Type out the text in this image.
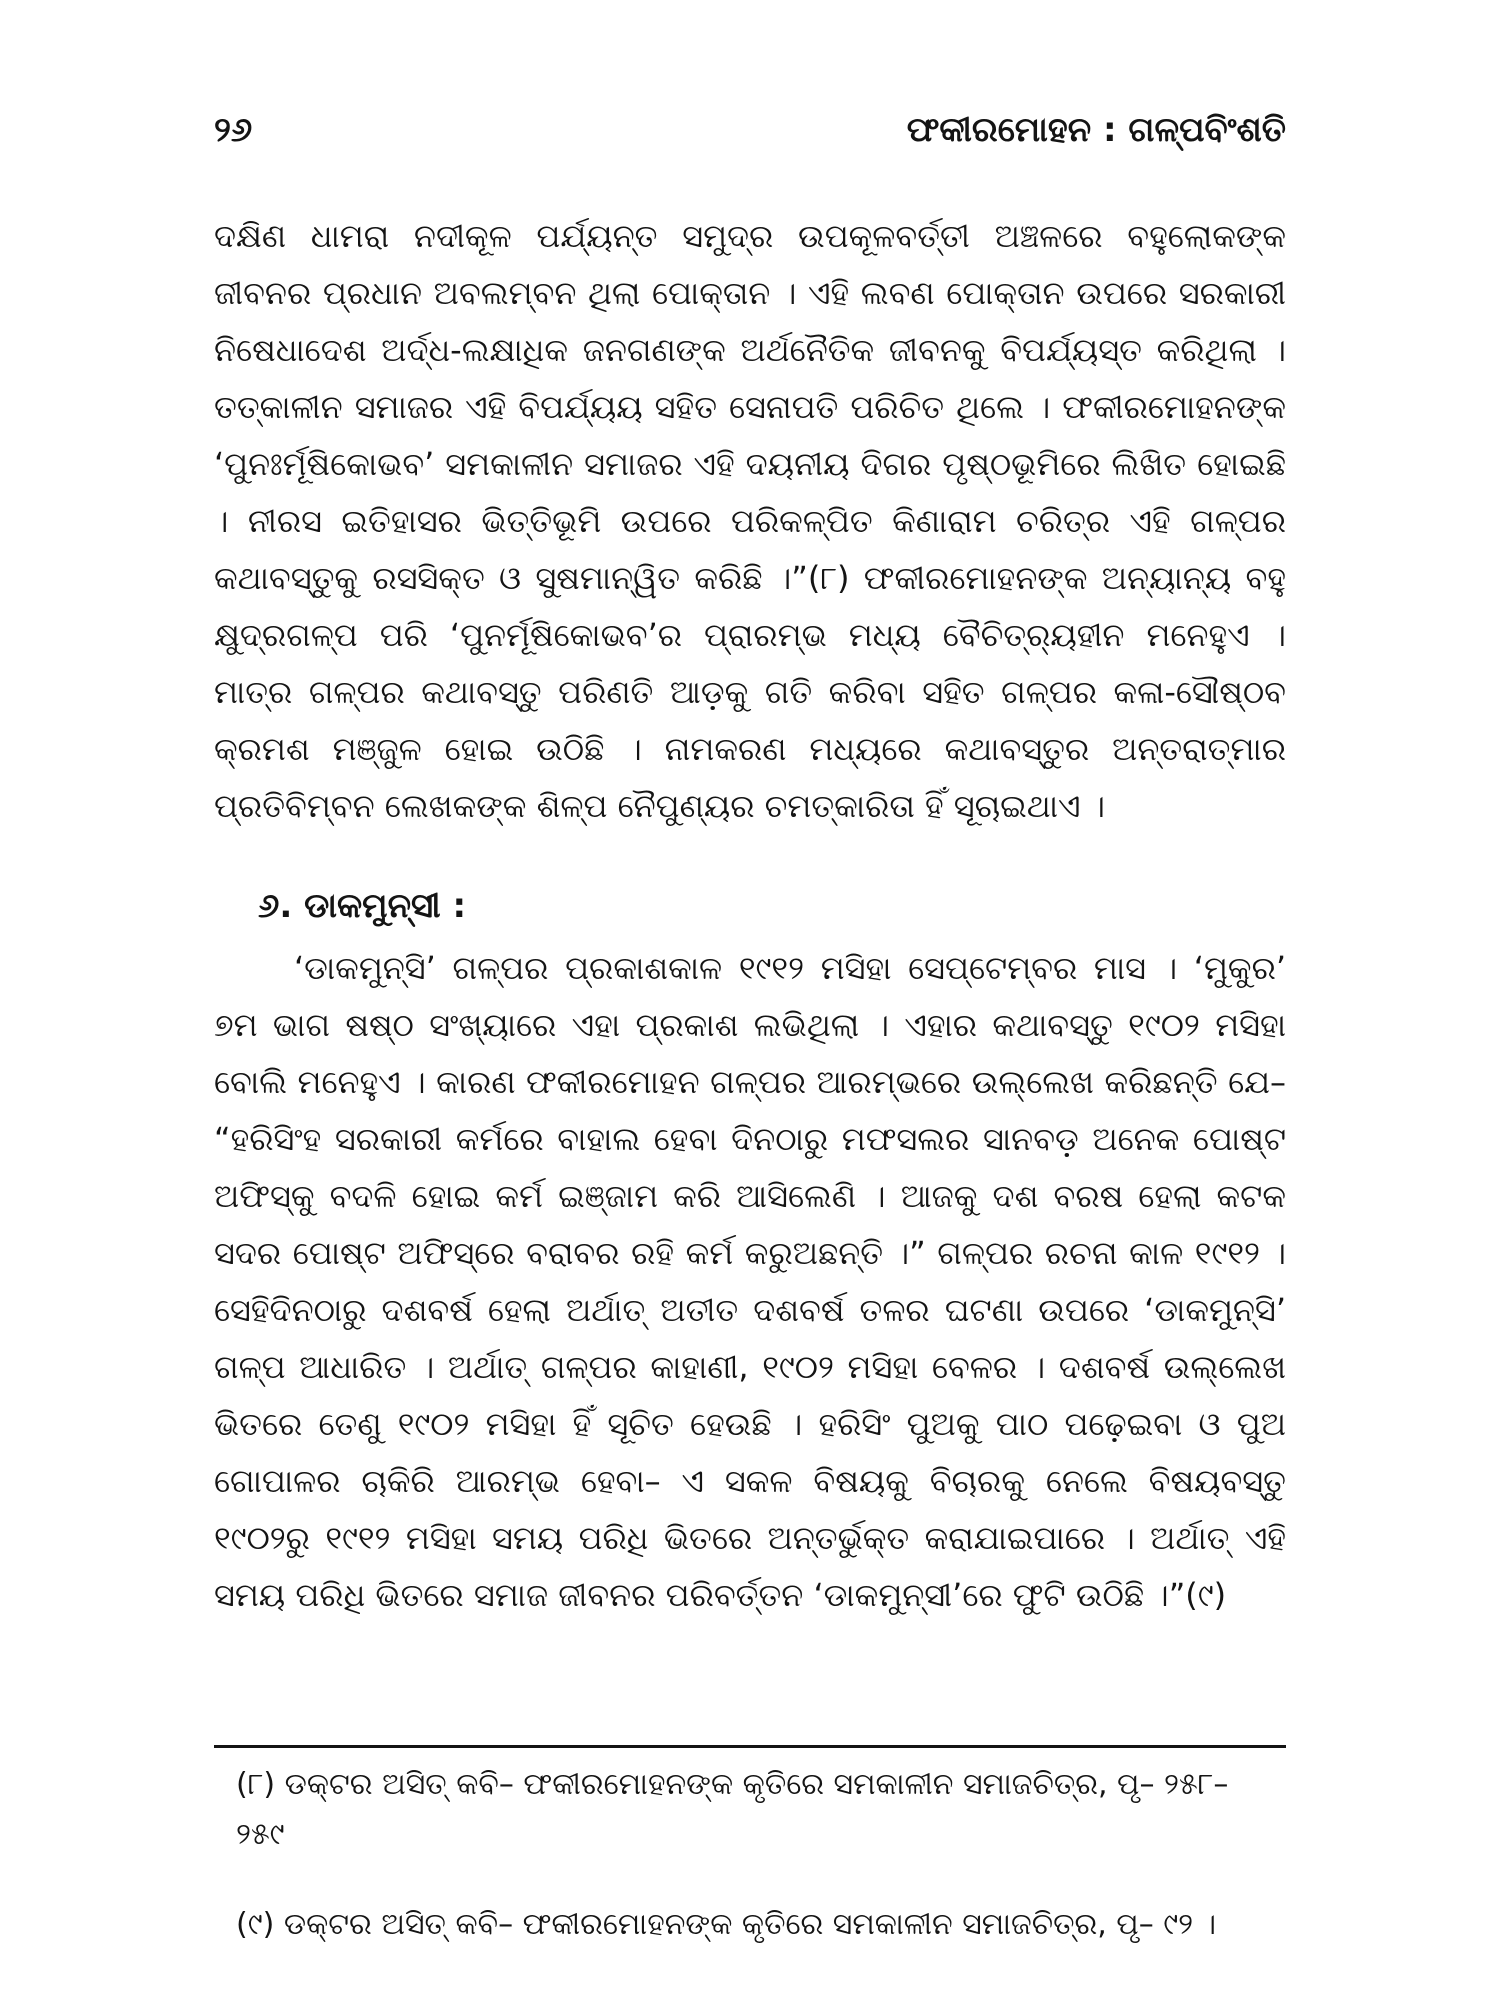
୨୬	ଫକୀରମୋହନ : ଗଳ୍ପବିଂଶତି

ଦକ୍ଷିଣ ଧାମରା ନଦୀକୂଳ ପର୍ଯ୍ୟନ୍ତ ସମୁଦ୍ର ଉପକୂଳବର୍ତ୍ତୀ ଅଞ୍ଚଳରେ ବହୁଲୋକଙ୍କ ଜୀବନର ପ୍ରଧାନ ଅବଲମ୍ବନ ଥିଲା ପୋକ୍ତାନ । ଏହି ଲବଣ ପୋକ୍ତାନ ଉପରେ ସରକାରୀ ନିଷେଧାଦେଶ ଅର୍ଦ୍ଧ-ଲକ୍ଷାଧିକ ଜନଗଣଙ୍କ ଅର୍ଥନୈତିକ ଜୀବନକୁ ବିପର୍ଯ୍ୟସ୍ତ କରିଥିଲା । ତତ୍କାଳୀନ ସମାଜର ଏହି ବିପର୍ଯ୍ୟୟ ସହିତ ସେନାପତି ପରିଚିତ ଥିଲେ । ଫକୀରମୋହନଙ୍କ ‘ପୁନଃର୍ମୂଷିକୋଭବ’ ସମକାଳୀନ ସମାଜର ଏହି ଦୟନୀୟ ଦିଗର ପୃଷ୍ଠଭୂମିରେ ଲିଖିତ ହୋଇଛି । ନୀରସ ଇତିହାସର ଭିତ୍ତିଭୂମି ଉପରେ ପରିକଳ୍ପିତ କିଣାରାମ ଚରିତ୍ର ଏହି ଗଳ୍ପର କଥାବସ୍ତୁକୁ ରସସିକ୍ତ ଓ ସୁଷମାନ୍ୱିତ କରିଛି ।”(୮) ଫକୀରମୋହନଙ୍କ ଅନ୍ୟାନ୍ୟ ବହୁ କ୍ଷୁଦ୍ରଗଳ୍ପ ପରି ‘ପୁନର୍ମୂଷିକୋଭବ’ର ପ୍ରାରମ୍ଭ ମଧ୍ୟ ବୈଚିତ୍ର୍ୟହୀନ ମନେହୁଏ । ମାତ୍ର ଗଳ୍ପର କଥାବସ୍ତୁ ପରିଣତି ଆଡ଼କୁ ଗତି କରିବା ସହିତ ଗଳ୍ପର କଳା-ସୌଷ୍ଠବ କ୍ରମଶ ମଞ୍ଜୁଳ ହୋଇ ଉଠିଛି । ନାମକରଣ ମଧ୍ୟରେ କଥାବସ୍ତୁର ଅନ୍ତରାତ୍ମାର ପ୍ରତିବିମ୍ବନ ଲେଖକଙ୍କ ଶିଳ୍ପ ନୈପୁଣ୍ୟର ଚମତ୍କାରିତା ହିଁ ସୂଚାଇଥାଏ ।

୬. ଡାକମୁନ୍‌ସୀ :

‘ଡାକମୁନ୍‌ସି’ ଗଳ୍ପର ପ୍ରକାଶକାଳ ୧୯୧୨ ମସିହା ସେପ୍ଟେମ୍ବର ମାସ । ‘ମୁକୁର’ ୭ମ ଭାଗ ଷଷ୍ଠ ସଂଖ୍ୟାରେ ଏହା ପ୍ରକାଶ ଲଭିଥିଲା । ଏହାର କଥାବସ୍ତୁ ୧୯୦୨ ମସିହା ବୋଲି ମନେହୁଏ । କାରଣ ଫକୀରମୋହନ ଗଳ୍ପର ଆରମ୍ଭରେ ଉଲ୍ଲେଖ କରିଛନ୍ତି ଯେ– “ହରିସିଂହ ସରକାରୀ କର୍ମରେ ବାହାଲ ହେବା ଦିନଠାରୁ ମଫସଲର ସାନବଡ଼ ଅନେକ ପୋଷ୍ଟ ଅଫିସ୍‌କୁ ବଦଳି ହୋଇ କର୍ମ ଇଞ୍ଜାମ କରି ଆସିଲେଣି । ଆଜକୁ ଦଶ ବରଷ ହେଲା କଟକ ସଦର ପୋଷ୍ଟ ଅଫିସ୍‌ରେ ବରାବର ରହି କର୍ମ କରୁଅଛନ୍ତି ।” ଗଳ୍ପର ରଚନା କାଳ ୧୯୧୨ । ସେହିଦିନଠାରୁ ଦଶବର୍ଷ ହେଲା ଅର୍ଥାତ୍ ଅତୀତ ଦଶବର୍ଷ ତଳର ଘଟଣା ଉପରେ ‘ଡାକମୁନ୍‌ସି’ ଗଳ୍ପ ଆଧାରିତ । ଅର୍ଥାତ୍ ଗଳ୍ପର କାହାଣୀ, ୧୯୦୨ ମସିହା ବେଳର । ଦଶବର୍ଷ ଉଲ୍ଲେଖ ଭିତରେ ତେଣୁ ୧୯୦୨ ମସିହା ହିଁ ସୂଚିତ ହେଉଛି । ହରିସିଂ ପୁଅକୁ ପାଠ ପଢ଼େଇବା ଓ ପୁଅ ଗୋପାଳର ଚାକିରି ଆରମ୍ଭ ହେବା– ଏ ସକଳ ବିଷୟକୁ ବିଚାରକୁ ନେଲେ ବିଷୟବସ୍ତୁ ୧୯୦୨ରୁ ୧୯୧୨ ମସିହା ସମୟ ପରିଧି ଭିତରେ ଅନ୍ତର୍ଭୁକ୍ତ କରାଯାଇପାରେ । ଅର୍ଥାତ୍ ଏହି ସମୟ ପରିଧି ଭିତରେ ସମାଜ ଜୀବନର ପରିବର୍ତ୍ତନ ‘ଡାକମୁନ୍‌ସୀ’ରେ ଫୁଟି ଉଠିଛି ।”(୯)

(୮) ଡକ୍ଟର ଅସିତ୍ କବି– ଫକୀରମୋହନଙ୍କ କୃତିରେ ସମକାଳୀନ ସମାଜଚିତ୍ର, ପୃ– ୨୫୮– ୨୫୯

(୯) ଡକ୍ଟର ଅସିତ୍ କବି– ଫକୀରମୋହନଙ୍କ କୃତିରେ ସମକାଳୀନ ସମାଜଚିତ୍ର, ପୃ– ୯୨ ।
